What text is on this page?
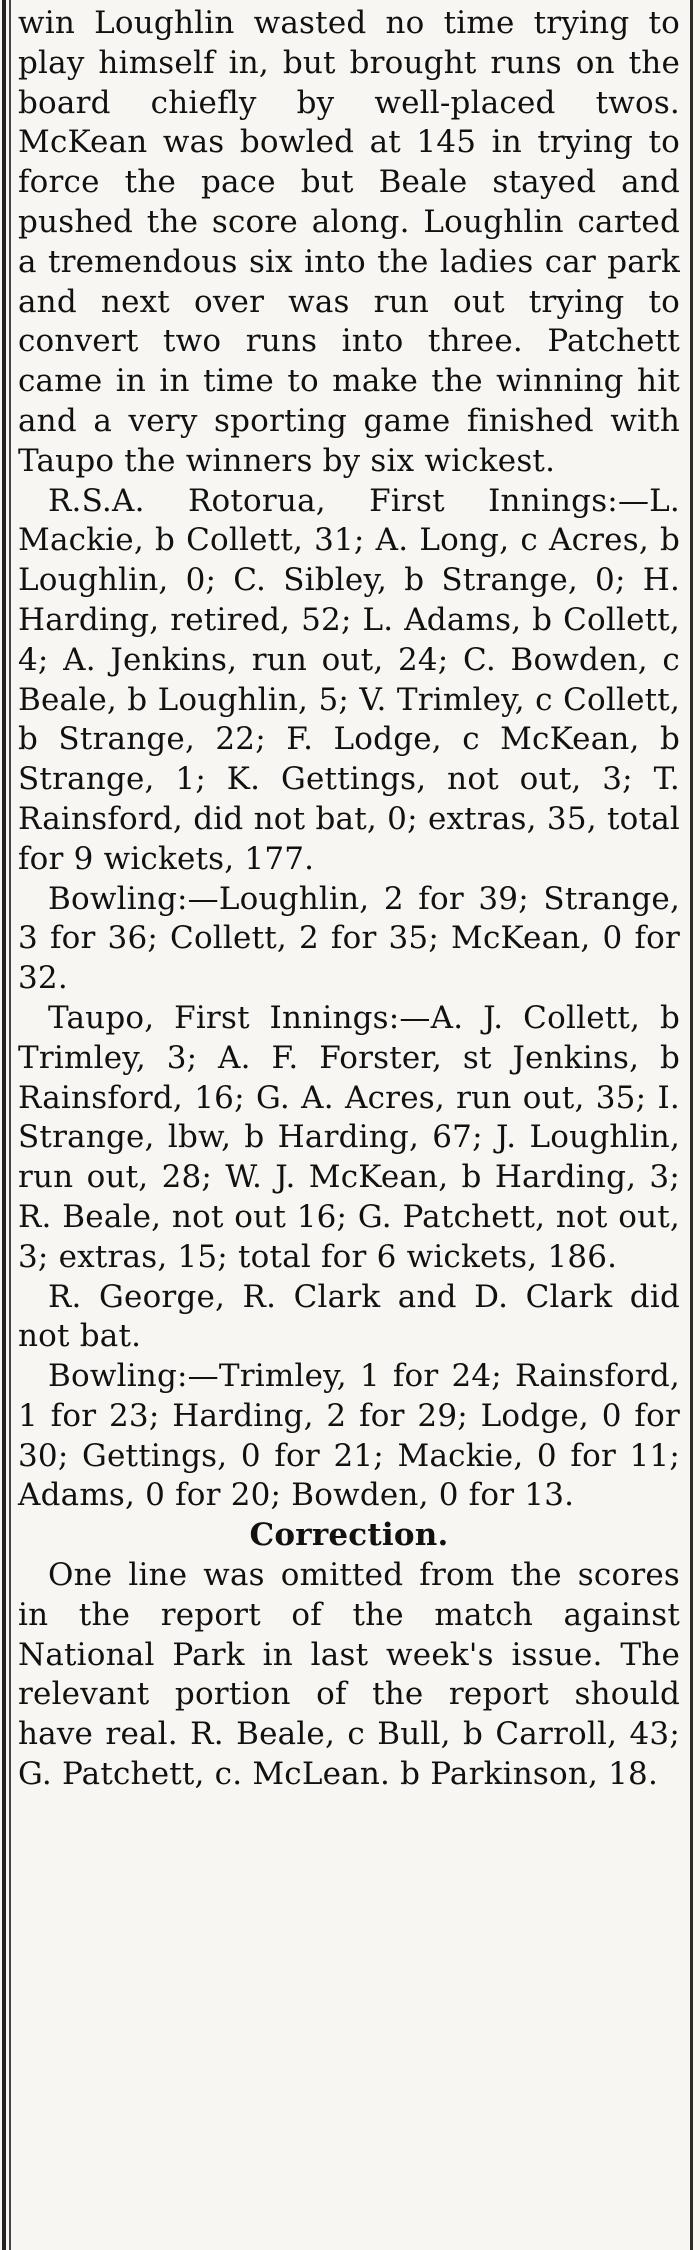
win Loughlin wasted no time trying to play himself in, but brought runs on the board chiefly by well-placed twos. McKean was bowled at 145 in trying to force the pace but Beale stayed and pushed the score along. Loughlin carted a tremendous six into the ladies car park and next over was run out trying to convert two runs into three. Patchett came in in time to make the winning hit and a very sporting game finished with Taupo the winners by six wickest.

R.S.A. Rotorua, First Innings:—L. Mackie, b Collett, 31; A. Long, c Acres, b Loughlin, 0; C. Sibley, b Strange, 0; H. Harding, retired, 52; L. Adams, b Collett, 4; A. Jenkins, run out, 24; C. Bowden, c Beale, b Loughlin, 5; V. Trimley, c Collett, b Strange, 22; F. Lodge, c McKean, b Strange, 1; K. Gettings, not out, 3; T. Rainsford, did not bat, 0; extras, 35, total for 9 wickets, 177.

Bowling:—Loughlin, 2 for 39; Strange, 3 for 36; Collett, 2 for 35; McKean, 0 for 32.

Taupo, First Innings:—A. J. Collett, b Trimley, 3; A. F. Forster, st Jenkins, b Rainsford, 16; G. A. Acres, run out, 35; I. Strange, lbw, b Harding, 67; J. Loughlin, run out, 28; W. J. McKean, b Harding, 3; R. Beale, not out 16; G. Patchett, not out, 3; extras, 15; total for 6 wickets, 186.

R. George, R. Clark and D. Clark did not bat.

Bowling:—Trimley, 1 for 24; Rainsford, 1 for 23; Harding, 2 for 29; Lodge, 0 for 30; Gettings, 0 for 21; Mackie, 0 for 11; Adams, 0 for 20; Bowden, 0 for 13.

Correction.

One line was omitted from the scores in the report of the match against National Park in last week's issue. The relevant portion of the report should have real. R. Beale, c Bull, b Carroll, 43; G. Patchett, c. McLean. b Parkinson, 18.
